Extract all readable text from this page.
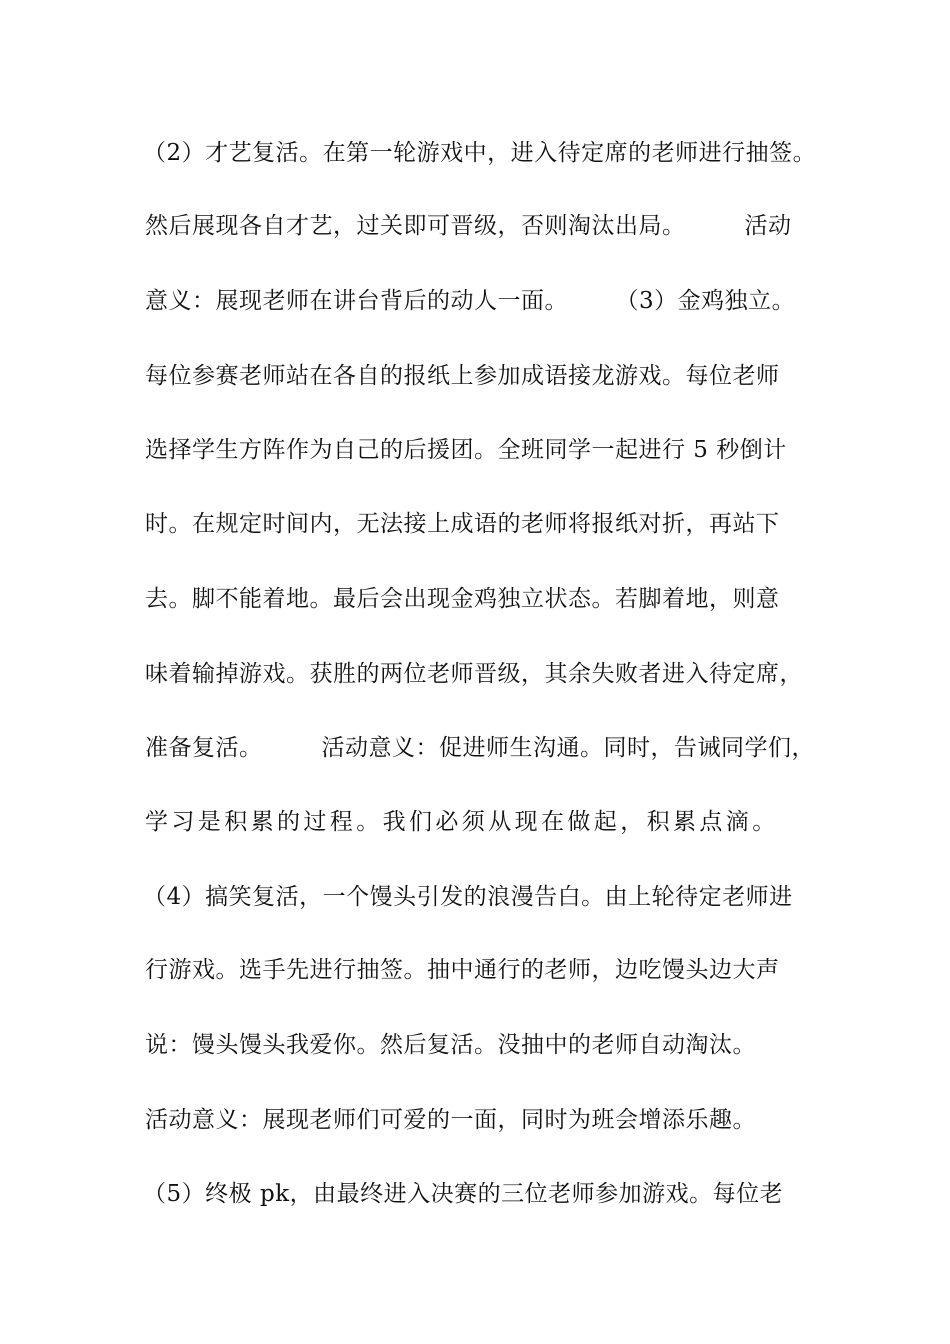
（2）才艺复活。在第一轮游戏中，进入待定席的老师进行抽签。
然后展现各自才艺，过关即可晋级，否则淘汰出局。　　　活动
意义：展现老师在讲台背后的动人一面。　　　（3）金鸡独立。
每位参赛老师站在各自的报纸上参加成语接龙游戏。每位老师
选择学生方阵作为自己的后援团。全班同学一起进行 5 秒倒计
时。在规定时间内，无法接上成语的老师将报纸对折，再站下
去。脚不能着地。最后会出现金鸡独立状态。若脚着地，则意
味着输掉游戏。获胜的两位老师晋级，其余失败者进入待定席，
准备复活。　　　活动意义：促进师生沟通。同时，告诫同学们，
学习是积累的过程。我们必须从现在做起，积累点滴。
（4）搞笑复活，一个馒头引发的浪漫告白。由上轮待定老师进
行游戏。选手先进行抽签。抽中通行的老师，边吃馒头边大声
说：馒头馒头我爱你。然后复活。没抽中的老师自动淘汰。
活动意义：展现老师们可爱的一面，同时为班会增添乐趣。
（5）终极 pk，由最终进入决赛的三位老师参加游戏。每位老
